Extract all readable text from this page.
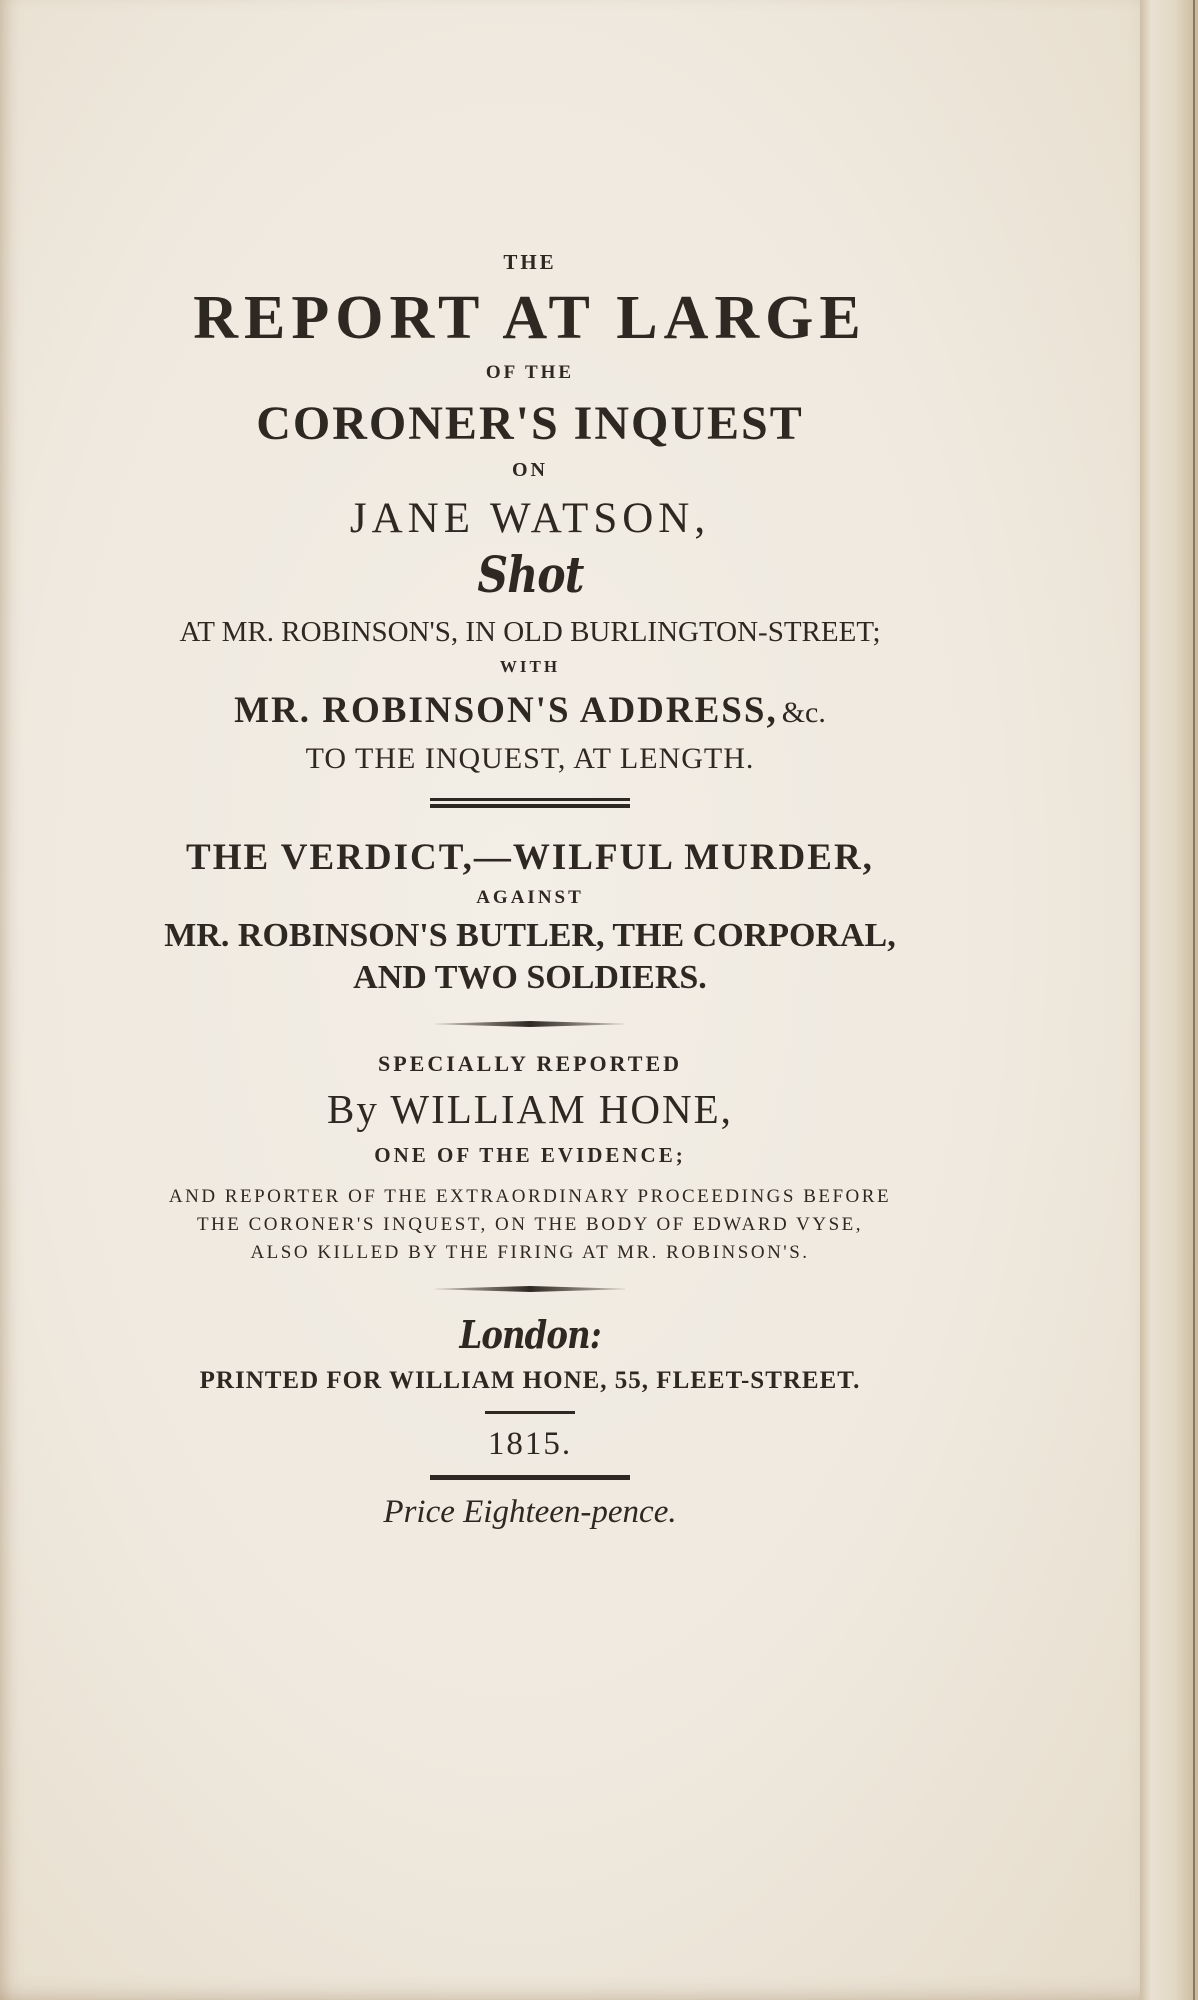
THE
REPORT AT LARGE
OF THE
CORONER'S INQUEST
ON
JANE WATSON,
Shot
AT MR. ROBINSON'S, IN OLD BURLINGTON-STREET;
WITH
MR. ROBINSON'S ADDRESS, &c.
TO THE INQUEST, AT LENGTH.
THE VERDICT,—WILFUL MURDER,
AGAINST
MR. ROBINSON'S BUTLER, THE CORPORAL,
AND TWO SOLDIERS.
SPECIALLY REPORTED
By WILLIAM HONE,
ONE OF THE EVIDENCE;
AND REPORTER OF THE EXTRAORDINARY PROCEEDINGS BEFORE
THE CORONER'S INQUEST, ON THE BODY OF EDWARD VYSE,
ALSO KILLED BY THE FIRING AT MR. ROBINSON'S.
London:
PRINTED FOR WILLIAM HONE, 55, FLEET-STREET.
1815.
Price Eighteen-pence.
